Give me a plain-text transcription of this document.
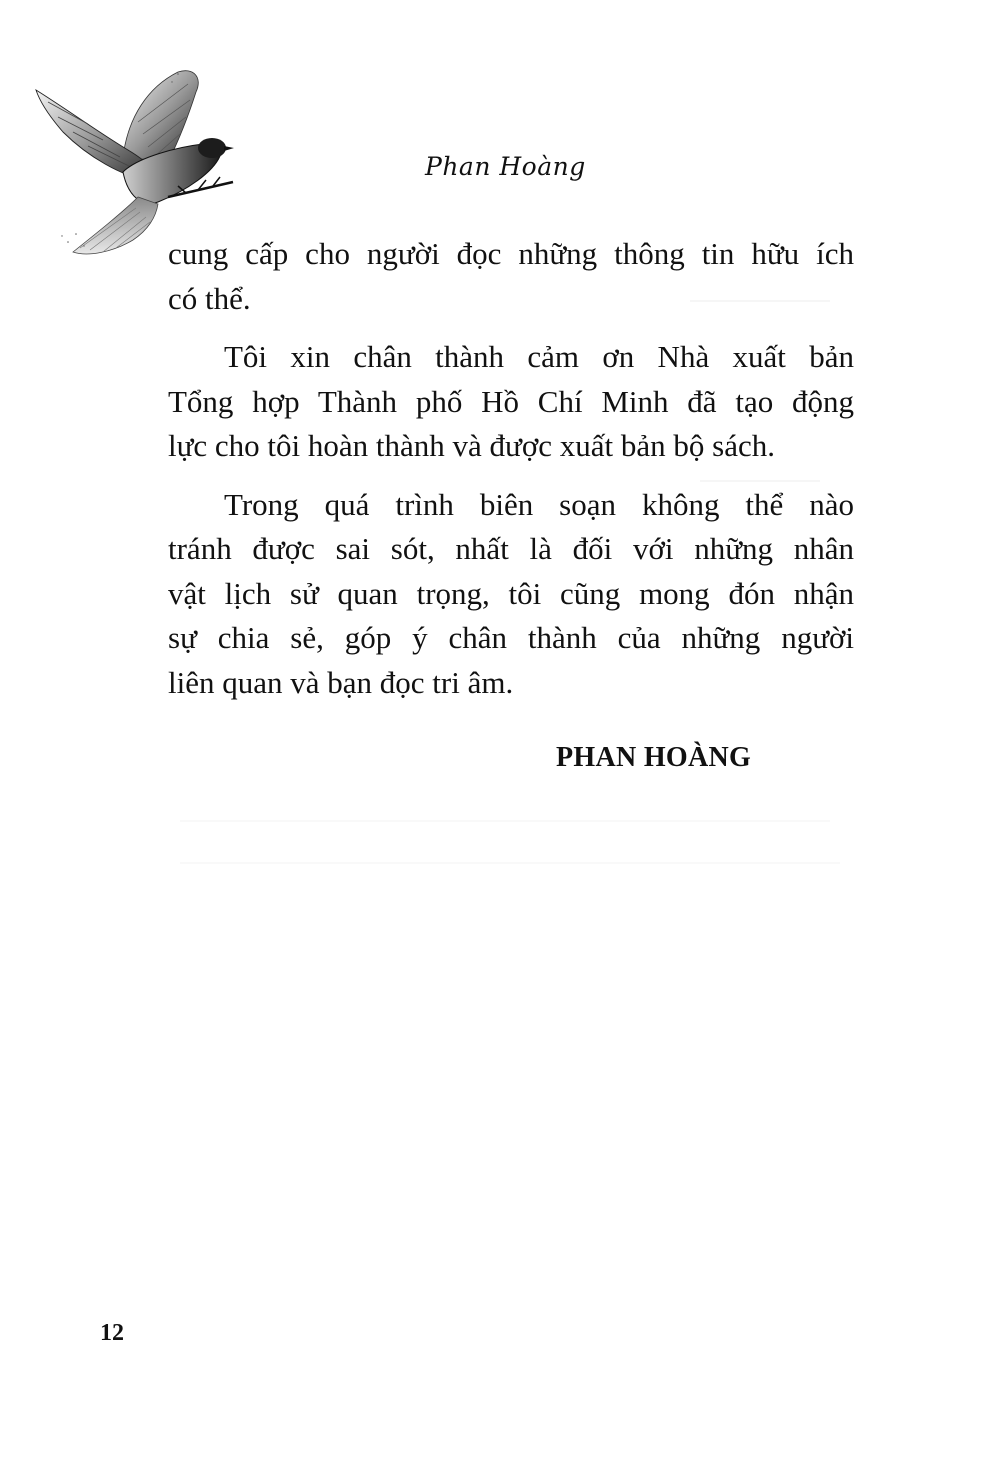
Phan Hoàng
cung cấp cho người đọc những thông tin hữu ích
có thể.
Tôi xin chân thành cảm ơn Nhà xuất bản
Tổng hợp Thành phố Hồ Chí Minh đã tạo động
lực cho tôi hoàn thành và được xuất bản bộ sách.
Trong quá trình biên soạn không thể nào
tránh được sai sót, nhất là đối với những nhân
vật lịch sử quan trọng, tôi cũng mong đón nhận
sự chia sẻ, góp ý chân thành của những người
liên quan và bạn đọc tri âm.
PHAN HOÀNG
12
